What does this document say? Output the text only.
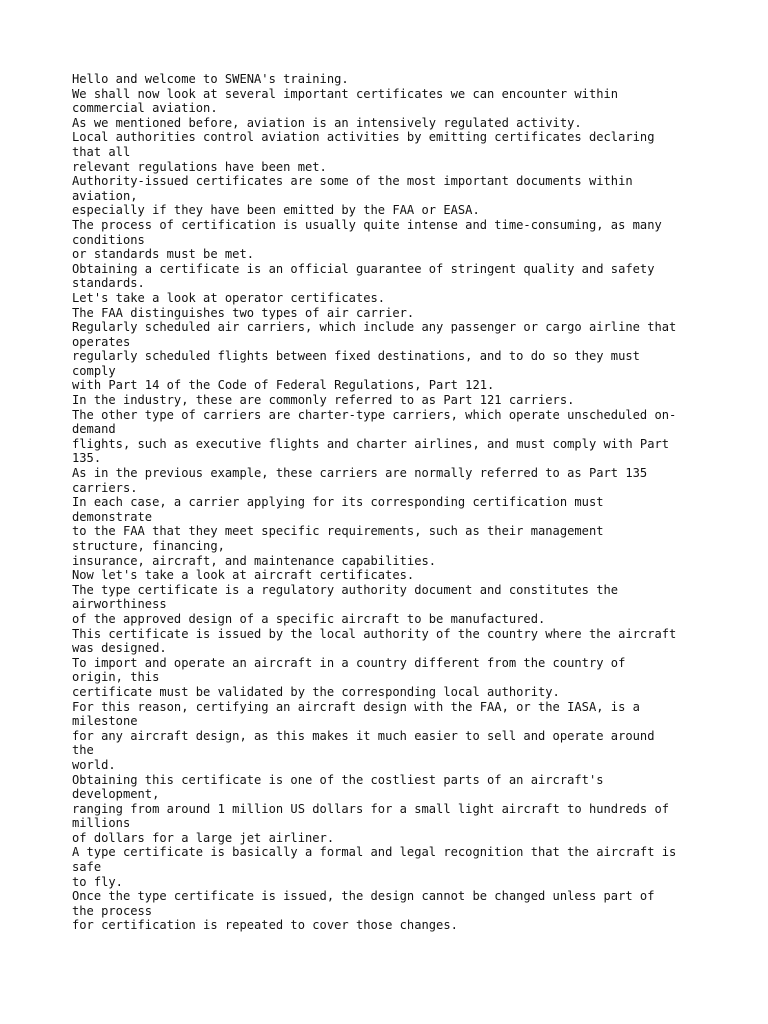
Hello and welcome to SWENA's training.
We shall now look at several important certificates we can encounter within
commercial aviation.
As we mentioned before, aviation is an intensively regulated activity.
Local authorities control aviation activities by emitting certificates declaring
that all
relevant regulations have been met.
Authority-issued certificates are some of the most important documents within
aviation,
especially if they have been emitted by the FAA or EASA.
The process of certification is usually quite intense and time-consuming, as many
conditions
or standards must be met.
Obtaining a certificate is an official guarantee of stringent quality and safety
standards.
Let's take a look at operator certificates.
The FAA distinguishes two types of air carrier.
Regularly scheduled air carriers, which include any passenger or cargo airline that
operates
regularly scheduled flights between fixed destinations, and to do so they must
comply
with Part 14 of the Code of Federal Regulations, Part 121.
In the industry, these are commonly referred to as Part 121 carriers.
The other type of carriers are charter-type carriers, which operate unscheduled on-
demand
flights, such as executive flights and charter airlines, and must comply with Part
135.
As in the previous example, these carriers are normally referred to as Part 135
carriers.
In each case, a carrier applying for its corresponding certification must
demonstrate
to the FAA that they meet specific requirements, such as their management
structure, financing,
insurance, aircraft, and maintenance capabilities.
Now let's take a look at aircraft certificates.
The type certificate is a regulatory authority document and constitutes the
airworthiness
of the approved design of a specific aircraft to be manufactured.
This certificate is issued by the local authority of the country where the aircraft
was designed.
To import and operate an aircraft in a country different from the country of
origin, this
certificate must be validated by the corresponding local authority.
For this reason, certifying an aircraft design with the FAA, or the IASA, is a
milestone
for any aircraft design, as this makes it much easier to sell and operate around
the
world.
Obtaining this certificate is one of the costliest parts of an aircraft's
development,
ranging from around 1 million US dollars for a small light aircraft to hundreds of
millions
of dollars for a large jet airliner.
A type certificate is basically a formal and legal recognition that the aircraft is
safe
to fly.
Once the type certificate is issued, the design cannot be changed unless part of
the process
for certification is repeated to cover those changes.
